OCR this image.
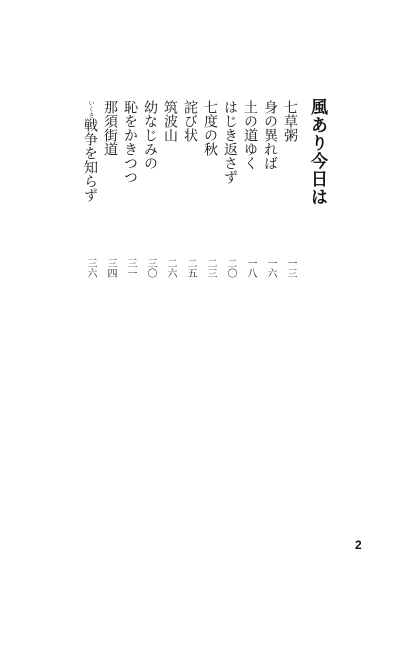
風あり今日は
七草粥
身の異れば
土の道ゆく
はじき返さず
七度の秋
詫び状
筑波山
幼なじみの
恥をかきつつ
那須街道
いくさ戦争を知らず
一三
一六
一八
二〇
二三
二五
二六
三〇
三一
三四
三六
2
